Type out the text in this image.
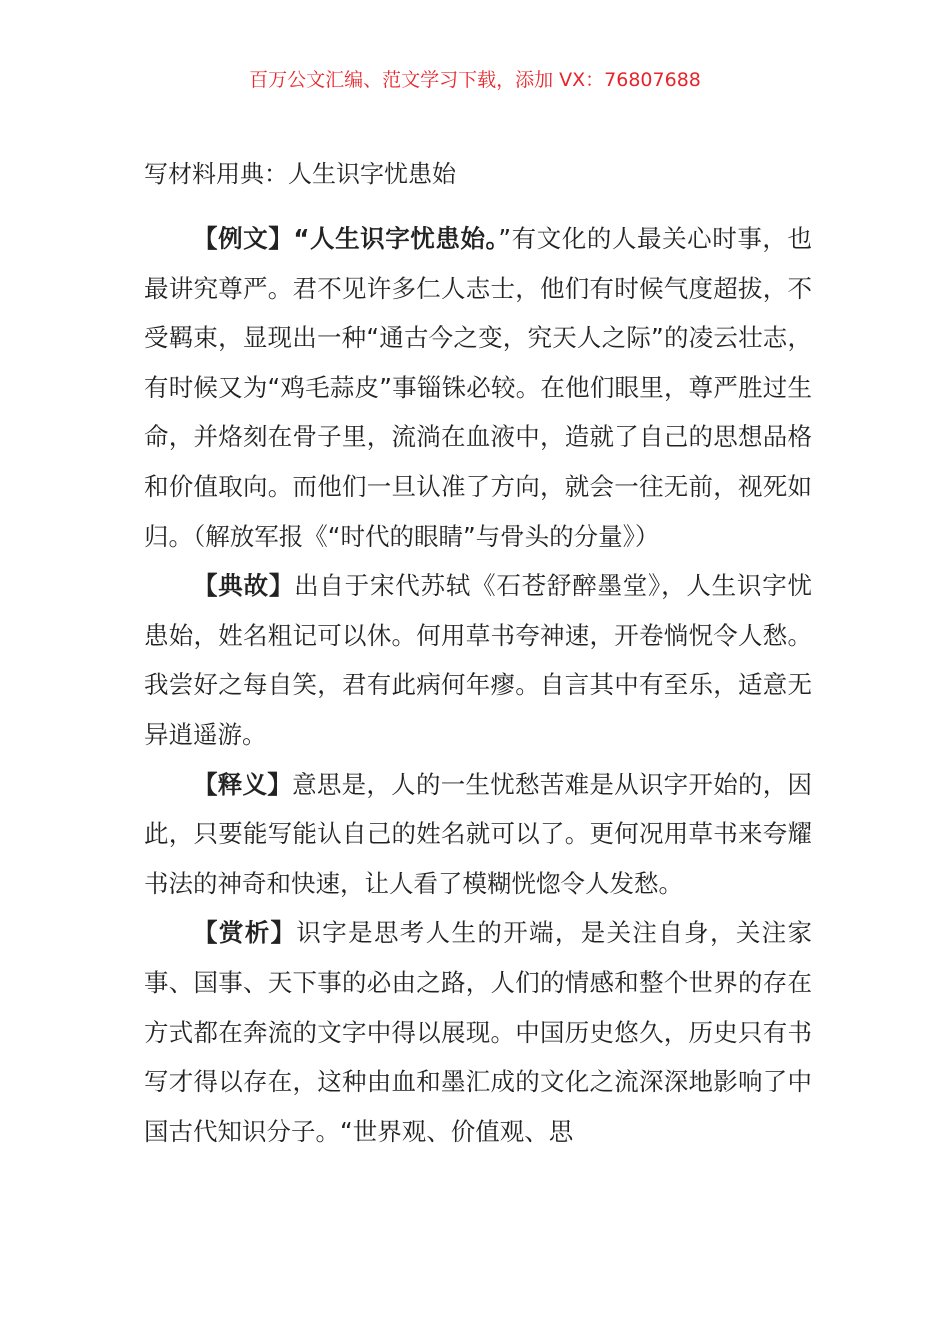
百万公文汇编、范文学习下载，添加 VX：76807688
写材料用典：人生识字忧患始

【例文】“人生识字忧患始。”有文化的人最关心时事，也最讲究尊严。君不见许多仁人志士，他们有时候气度超拔，不受羁束，显现出一种“通古今之变，究天人之际”的凌云壮志，有时候又为“鸡毛蒜皮”事锱铢必较。在他们眼里，尊严胜过生命，并烙刻在骨子里，流淌在血液中，造就了自己的思想品格和价值取向。而他们一旦认准了方向，就会一往无前，视死如归。（解放军报《“时代的眼睛”与骨头的分量》）

【典故】出自于宋代苏轼《石苍舒醉墨堂》，人生识字忧患始，姓名粗记可以休。何用草书夸神速，开卷惝怳令人愁。我尝好之每自笑，君有此病何年瘳。自言其中有至乐，适意无异逍遥游。

【释义】意思是，人的一生忧愁苦难是从识字开始的，因此，只要能写能认自己的姓名就可以了。更何况用草书来夸耀书法的神奇和快速，让人看了模糊恍惚令人发愁。

【赏析】识字是思考人生的开端，是关注自身，关注家事、国事、天下事的必由之路，人们的情感和整个世界的存在方式都在奔流的文字中得以展现。中国历史悠久，历史只有书写才得以存在，这种由血和墨汇成的文化之流深深地影响了中国古代知识分子。“世界观、价值观、思
